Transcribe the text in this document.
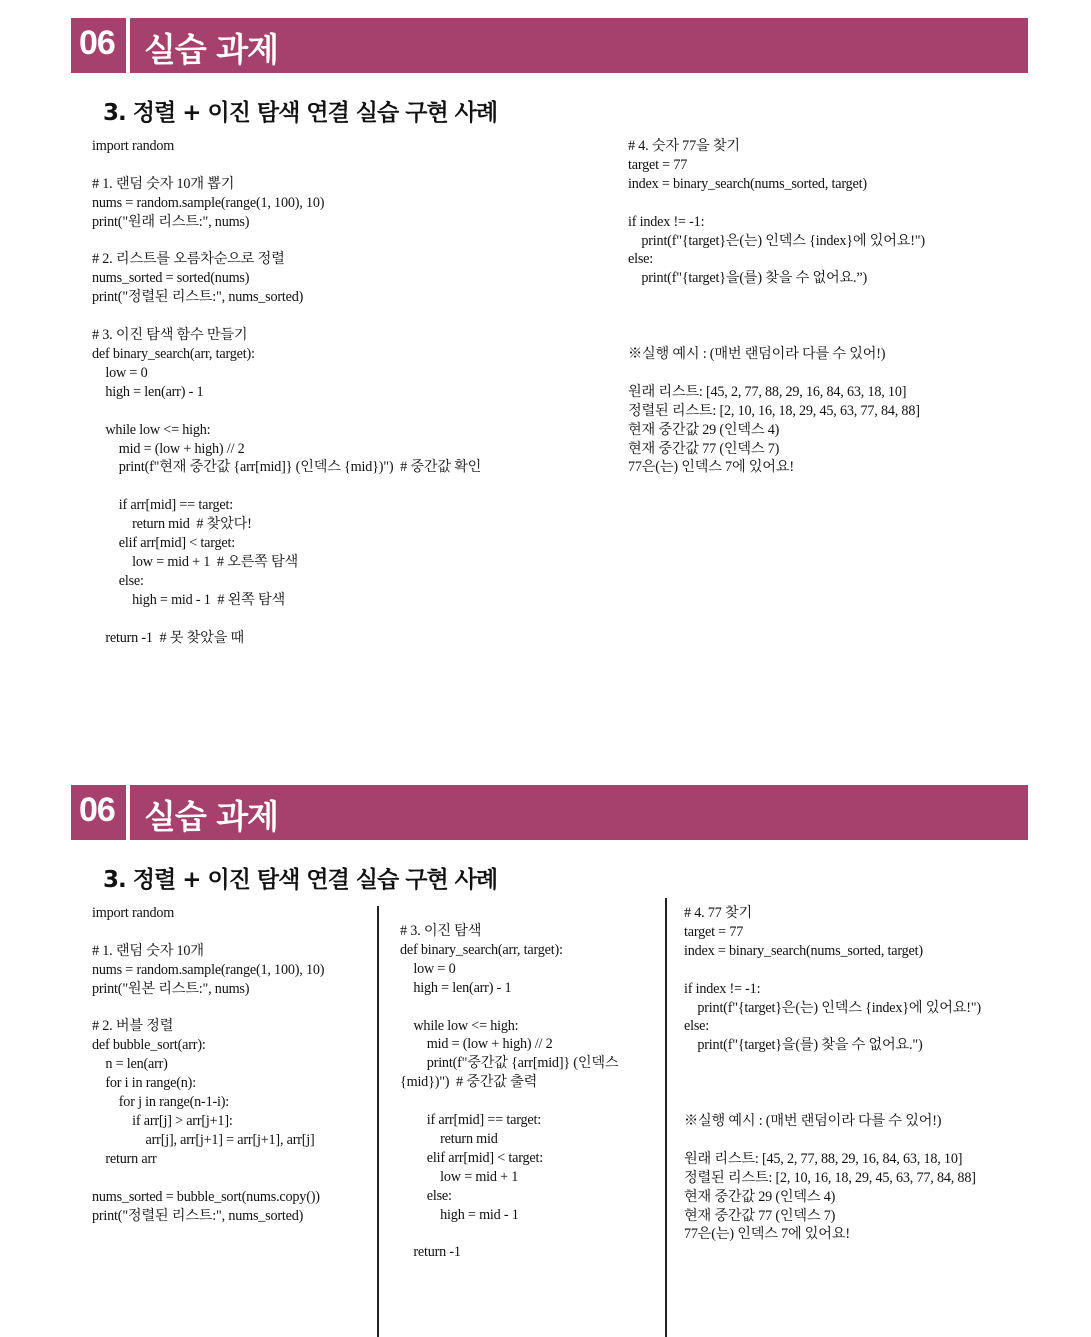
06 실습 과제
3. 정렬 + 이진 탐색 연결 실습 구현 사례
import random

# 1. 랜덤 숫자 10개 뽑기
nums = random.sample(range(1, 100), 10)
print("원래 리스트:", nums)

# 2. 리스트를 오름차순으로 정렬
nums_sorted = sorted(nums)
print("정렬된 리스트:", nums_sorted)

# 3. 이진 탐색 함수 만들기
def binary_search(arr, target):
low = 0
high = len(arr) - 1

while low <= high:
mid = (low + high) // 2
print(f"현재 중간값 {arr[mid]} (인덱스 {mid})")  # 중간값 확인

if arr[mid] == target:
return mid  # 찾았다!
elif arr[mid] < target:
low = mid + 1  # 오른쪽 탐색
else:
high = mid - 1  # 왼쪽 탐색

return -1  # 못 찾았을 때
# 4. 숫자 77을 찾기
target = 77
index = binary_search(nums_sorted, target)

if index != -1:
print(f"{target}은(는) 인덱스 {index}에 있어요!")
else:
print(f"{target}을(를) 찾을 수 없어요.”)

※실행 예시 : (매번 랜덤이라 다를 수 있어!)

원래 리스트: [45, 2, 77, 88, 29, 16, 84, 63, 18, 10]
정렬된 리스트: [2, 10, 16, 18, 29, 45, 63, 77, 84, 88]
현재 중간값 29 (인덱스 4)
현재 중간값 77 (인덱스 7)
77은(는) 인덱스 7에 있어요!
06 실습 과제
3. 정렬 + 이진 탐색 연결 실습 구현 사례
import random

# 1. 랜덤 숫자 10개
nums = random.sample(range(1, 100), 10)
print("원본 리스트:", nums)

# 2. 버블 정렬
def bubble_sort(arr):
n = len(arr)
for i in range(n):
for j in range(n-1-i):
if arr[j] > arr[j+1]:
arr[j], arr[j+1] = arr[j+1], arr[j]
return arr

nums_sorted = bubble_sort(nums.copy())
print("정렬된 리스트:", nums_sorted)
# 3. 이진 탐색
def binary_search(arr, target):
low = 0
high = len(arr) - 1

while low <= high:
mid = (low + high) // 2
print(f"중간값 {arr[mid]} (인덱스
{mid})")  # 중간값 출력

if arr[mid] == target:
return mid
elif arr[mid] < target:
low = mid + 1
else:
high = mid - 1

return -1
# 4. 77 찾기
target = 77
index = binary_search(nums_sorted, target)

if index != -1:
print(f"{target}은(는) 인덱스 {index}에 있어요!")
else:
print(f"{target}을(를) 찾을 수 없어요.")

※실행 예시 : (매번 랜덤이라 다를 수 있어!)

원래 리스트: [45, 2, 77, 88, 29, 16, 84, 63, 18, 10]
정렬된 리스트: [2, 10, 16, 18, 29, 45, 63, 77, 84, 88]
현재 중간값 29 (인덱스 4)
현재 중간값 77 (인덱스 7)
77은(는) 인덱스 7에 있어요!
